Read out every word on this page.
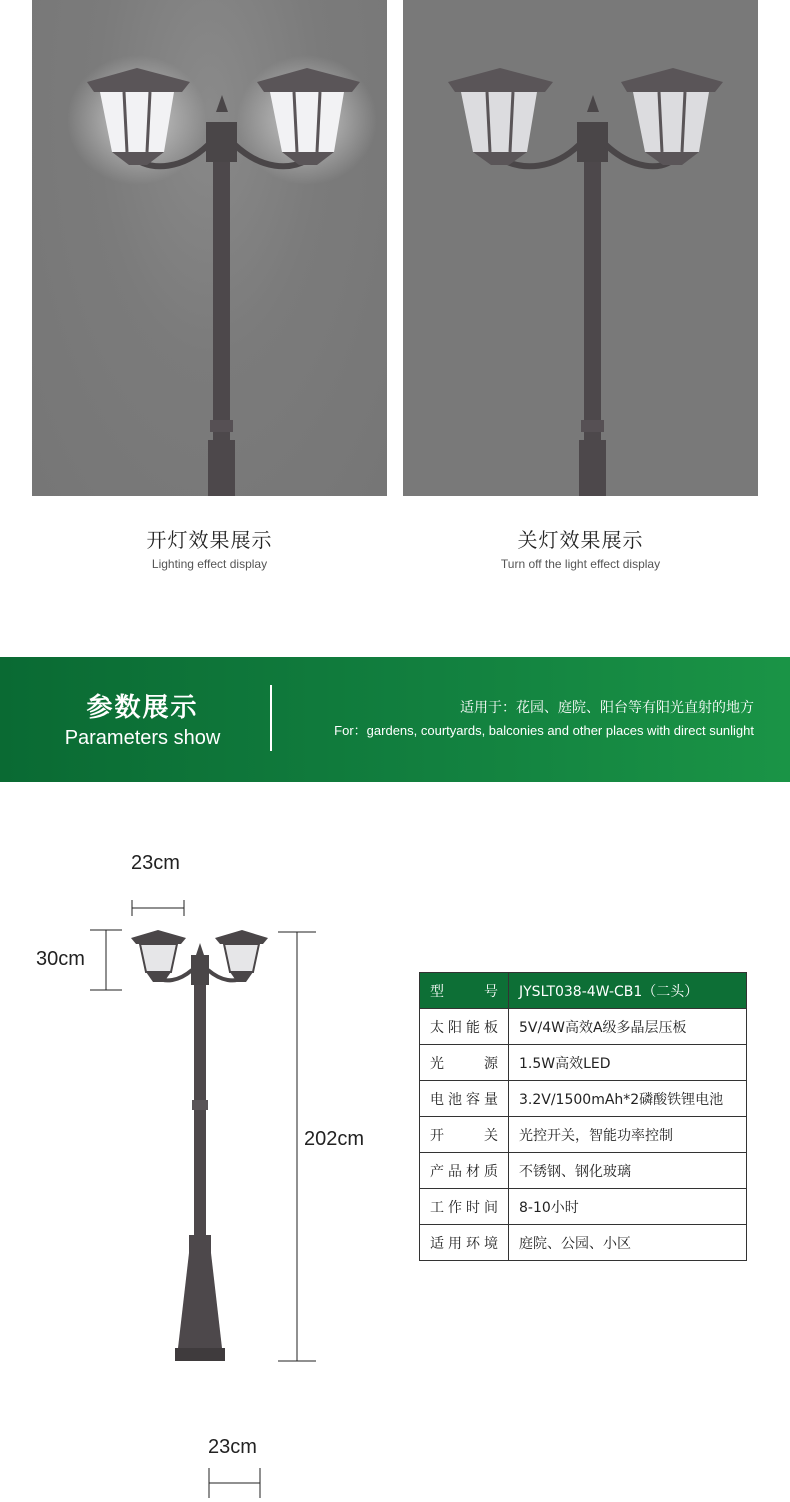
开灯效果展示
Lighting effect display
关灯效果展示
Turn off the light effect display
参数展示
Parameters show
适用于：花园、庭院、阳台等有阳光直射的地方
For：gardens, courtyards, balconies and other places with direct sunlight
23cm
30cm
202cm
23cm
型号	JYSLT038-4W-CB1（二头）
太阳能板	5V/4W高效A级多晶层压板
光源	1.5W高效LED
电池容量	3.2V/1500mAh*2磷酸铁锂电池
开关	光控开关，智能功率控制
产品材质	不锈钢、钢化玻璃
工作时间	8-10小时
适用环境	庭院、公园、小区
